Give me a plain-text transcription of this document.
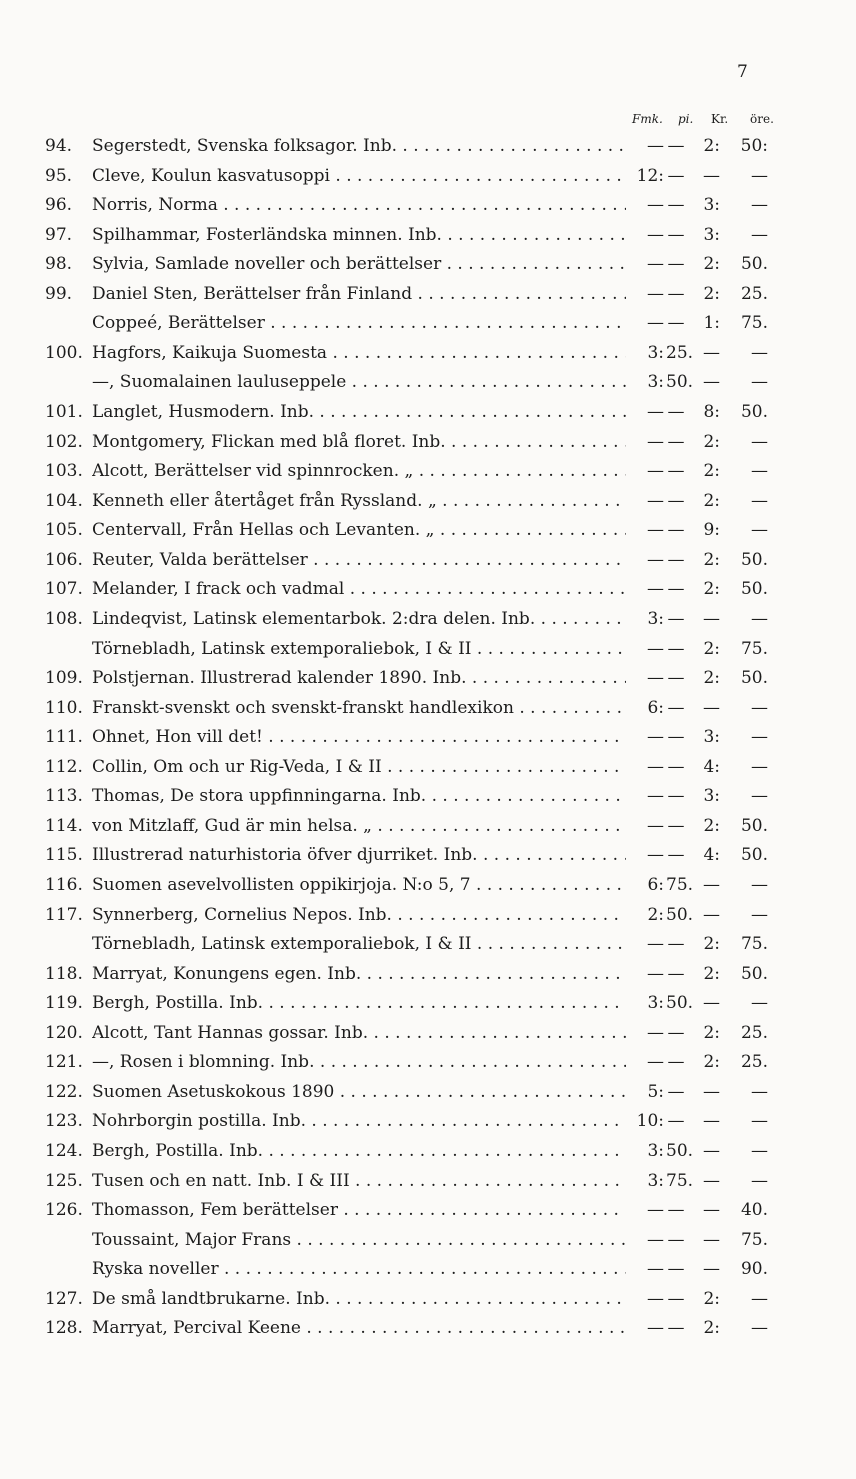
7
Fmk. pi. Kr. öre.
94. Segerstedt, Svenska folksagor. Inb. . . .	— —	2:	50:
95. Cleve, Koulun kasvatusoppi . . .	12: —	—	—
96. Norris, Norma . . .	— —	3:	—
97. Spilhammar, Fosterländska minnen. Inb. . . .	— —	3:	—
98. Sylvia, Samlade noveller och berättelser . . .	— —	2:	50.
99. Daniel Sten, Berättelser från Finland . . .	— —	2:	25.
Coppeé, Berättelser . . .	— —	1:	75.
100. Hagfors, Kaikuja Suomesta . . .	3: 25. —	—
—, Suomalainen lauluseppele . . .	3: 50. —	—
101. Langlet, Husmodern. Inb. . . .	— —	8:	50.
102. Montgomery, Flickan med blå floret. Inb. . . .	— —	2:	—
103. Alcott, Berättelser vid spinnrocken. „ . . .	— —	2:	—
104. Kenneth eller återtåget från Ryssland. „ . . .	— —	2:	—
105. Centervall, Från Hellas och Levanten. „ . . .	— —	9:	—
106. Reuter, Valda berättelser . . .	— —	2:	50.
107. Melander, I frack och vadmal . . .	— —	2:	50.
108. Lindeqvist, Latinsk elementarbok. 2:dra delen. Inb. . . .	3: —	—	—
Törnebladh, Latinsk extemporaliebok, I & II . . .	— —	2:	75.
109. Polstjernan. Illustrerad kalender 1890. Inb. . . .	— —	2:	50.
110. Franskt-svenskt och svenskt-franskt handlexikon . . .	6: —	—	—
111. Ohnet, Hon vill det! . . .	— —	3:	—
112. Collin, Om och ur Rig-Veda, I & II . . .	— —	4:	—
113. Thomas, De stora uppfinningarna. Inb. . . .	— —	3:	—
114. von Mitzlaff, Gud är min helsa. „ . . .	— —	2:	50.
115. Illustrerad naturhistoria öfver djurriket. Inb. . . .	— —	4:	50.
116. Suomen asevelvollisten oppikirjoja. N:o 5, 7 . . .	6: 75. —	—
117. Synnerberg, Cornelius Nepos. Inb. . . .	2: 50. —	—
Törnebladh, Latinsk extemporaliebok, I & II . . .	— —	2:	75.
118. Marryat, Konungens egen. Inb. . . .	— —	2:	50.
119. Bergh, Postilla. Inb. . . .	3: 50. —	—
120. Alcott, Tant Hannas gossar. Inb. . . .	— —	2:	25.
121. —, Rosen i blomning. Inb. . . .	— —	2:	25.
122. Suomen Asetuskokous 1890 . . .	5: —	—	—
123. Nohrborgin postilla. Inb. . . .	10: —	—	—
124. Bergh, Postilla. Inb. . . .	3: 50. —	—
125. Tusen och en natt. Inb. I & III . . .	3: 75. —	—
126. Thomasson, Fem berättelser . . .	— —	—	40.
Toussaint, Major Frans . . .	— —	—	75.
Ryska noveller . . .	— —	—	90.
127. De små landtbrukarne. Inb. . . .	— —	2:	—
128. Marryat, Percival Keene . . .	— —	2:	—
